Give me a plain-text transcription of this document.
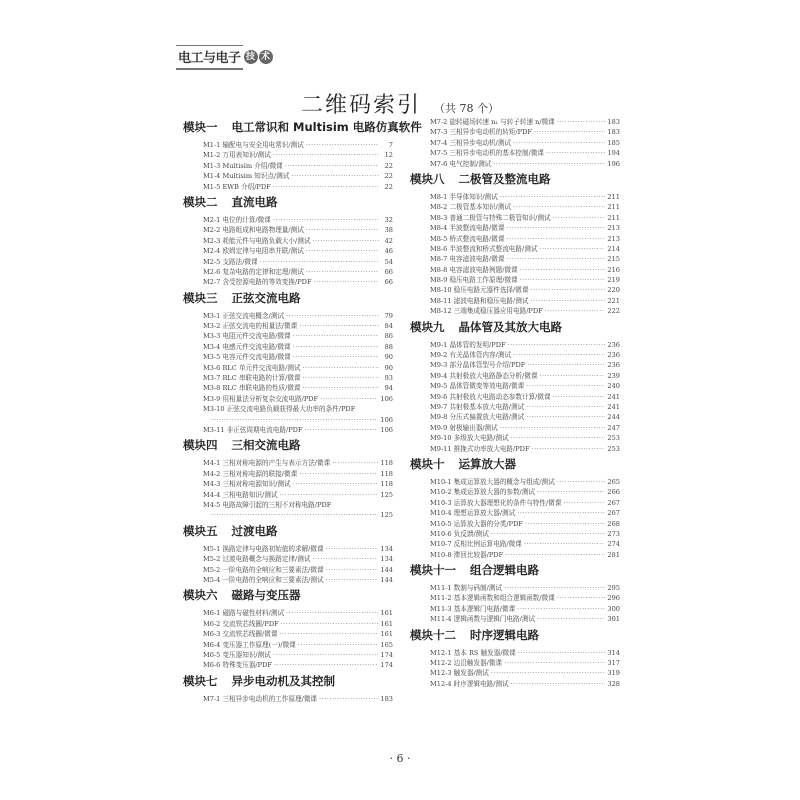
电工与电子 技 术
二维码索引 （共 78 个）
模块一 电工常识和 Multisim 电路仿真软件
M1-1 输配电与安全用电常识/测试 ·····	7
M1-2 万用表知识/测试 ·····	12
M1-3 Multisim 介绍/微课 ·····	22
M1-4 Multisim 知识点/测试 ·····	22
M1-5 EWB 介绍/PDF ·····	22
模块二 直流电路
M2-1 电位的计算/微课 ·····	32
M2-2 电路组成和电路物理量/测试 ·····	38
M2-3 耗能元件与电路负载大小/测试 ·····	42
M2-4 欧姆定律与电阻串并联/测试 ·····	46
M2-5 支路法/微课 ·····	54
M2-6 复杂电路的定律和定理/测试 ·····	66
M2-7 含受控源电路的等效变换/PDF ·····	66
模块三 正弦交流电路
M3-1 正弦交流电概念/测试 ·····	79
M3-2 正弦交流电的相量法/微课 ·····	84
M3-3 电阻元件交流电路/微课 ·····	86
M3-4 电感元件交流电路/微课 ·····	88
M3-5 电容元件交流电路/微课 ·····	90
M3-6 RLC 单元件交流电路/测试 ·····	90
M3-7 RLC 串联电路的计算/微课 ·····	93
M3-8 RLC 串联电路的性质/微课 ·····	94
M3-9 用相量法分析复杂交流电路/PDF ·····	106
M3-10 正弦交流电路负载获得最大功率的条件/PDF
·····
106
M3-11 非正弦周期电流电路/PDF ·····	106
模块四 三相交流电路
M4-1 三相对称电源的产生与表示方法/微课 ·····	118
M4-2 三相对称电源的联接/微课 ·····	118
M4-3 三相对称电源知识/测试 ·····	118
M4-4 三相电路知识/测试 ·····	125
M4-5 电路故障引起的三相不对称电路/PDF
·····
125
模块五 过渡电路
M5-1 换路定律与电路初始值的求解/微课 ·····	134
M5-2 过渡电路概念与换路定律/测试 ·····	134
M5-2 一阶电路的全响应和三要素法/微课 ·····	144
M5-4 一阶电路的全响应和三要素法/测试 ·····	144
模块六 磁路与变压器
M6-1 磁路与磁性材料/测试 ·····	161
M6-2 交流铁芯线圈/PDF ·····	161
M6-3 交流铁芯线圈/微课 ·····	161
M6-4 变压器工作原理(一)/微课 ·····	165
M6-5 变压器知识/测试 ·····	174
M6-6 特殊变压器/PDF ·····	174
模块七 异步电动机及其控制
M7-1 三相异步电动机的工作原理/微课 ·····	183
M7-2 旋转磁场转速 n₁ 与转子转速 n/微课 ·····	183
M7-3 三相异步电动机的转矩/PDF ·····	183
M7-4 三相异步电动机/测试 ·····	185
M7-5 三相异步电动机的基本控制/微课 ·····	194
M7-6 电气控制/测试 ·····	196
模块八 二极管及整流电路
M8-1 半导体知识/测试 ·····	211
M8-2 二极管基本知识/测试 ·····	211
M8-3 普通二极管与特殊二极管知识/测试 ·····	211
M8-4 半波整流电路/微课 ·····	213
M8-5 桥式整流电路/微课 ·····	213
M8-6 半波整流和桥式整流电路/测试 ·····	214
M8-7 电容滤波电路/微课 ·····	215
M8-8 电容滤波电路例题/微课 ·····	216
M8-9 稳压电路工作原理/微课 ·····	219
M8-10 稳压电路元器件选择/微课 ·····	220
M8-11 滤波电路和稳压电路/测试 ·····	221
M8-12 三端集成稳压器应用电路/PDF ·····	222
模块九 晶体管及其放大电路
M9-1 晶体管的发明/PDF ·····	236
M9-2 有关晶体管内容/测试 ·····	236
M9-3 部分晶体管型号介绍/PDF ·····	236
M9-4 共射极放大电路静态分析/微课 ·····	239
M9-5 晶体管微变等效电路/微课 ·····	240
M9-6 共射极放大电路动态参数计算/微课 ·····	241
M9-7 共射极基本放大电路/测试 ·····	241
M9-8 分压式偏置放大电路/测试 ·····	244
M9-9 射极输出器/测试 ·····	247
M9-10 多级放大电路/测试 ·····	253
M9-11 推挽式功率放大电路/PDF ·····	253
模块十 运算放大器
M10-1 集成运算放大器的概念与组成/测试 ·····	265
M10-2 集成运算放大器的参数/测试 ·····	266
M10-3 运算放大器理想化的条件与特性/微课 ·····	267
M10-4 理想运算放大器/测试 ·····	267
M10-5 运算放大器的分类/PDF ·····	268
M10-6 负反馈/测试 ·····	273
M10-7 反相比例运算电路/微课 ·····	274
M10-8 滞回比较器/PDF ·····	281
模块十一 组合逻辑电路
M11-1 数制与码制/测试 ·····	295
M11-2 基本逻辑函数和组合逻辑函数/微课 ·····	296
M11-3 基本逻辑门电路/微课 ·····	300
M11-4 逻辑函数与逻辑门电路/测试 ·····	301
模块十二 时序逻辑电路
M12-1 基本 RS 触发器/微课 ·····	314
M12-2 边沿触发器/微课 ·····	317
M12-3 触发器/测试 ·····	319
M12-4 时序逻辑电路/测试 ·····	328
· 6 ·
